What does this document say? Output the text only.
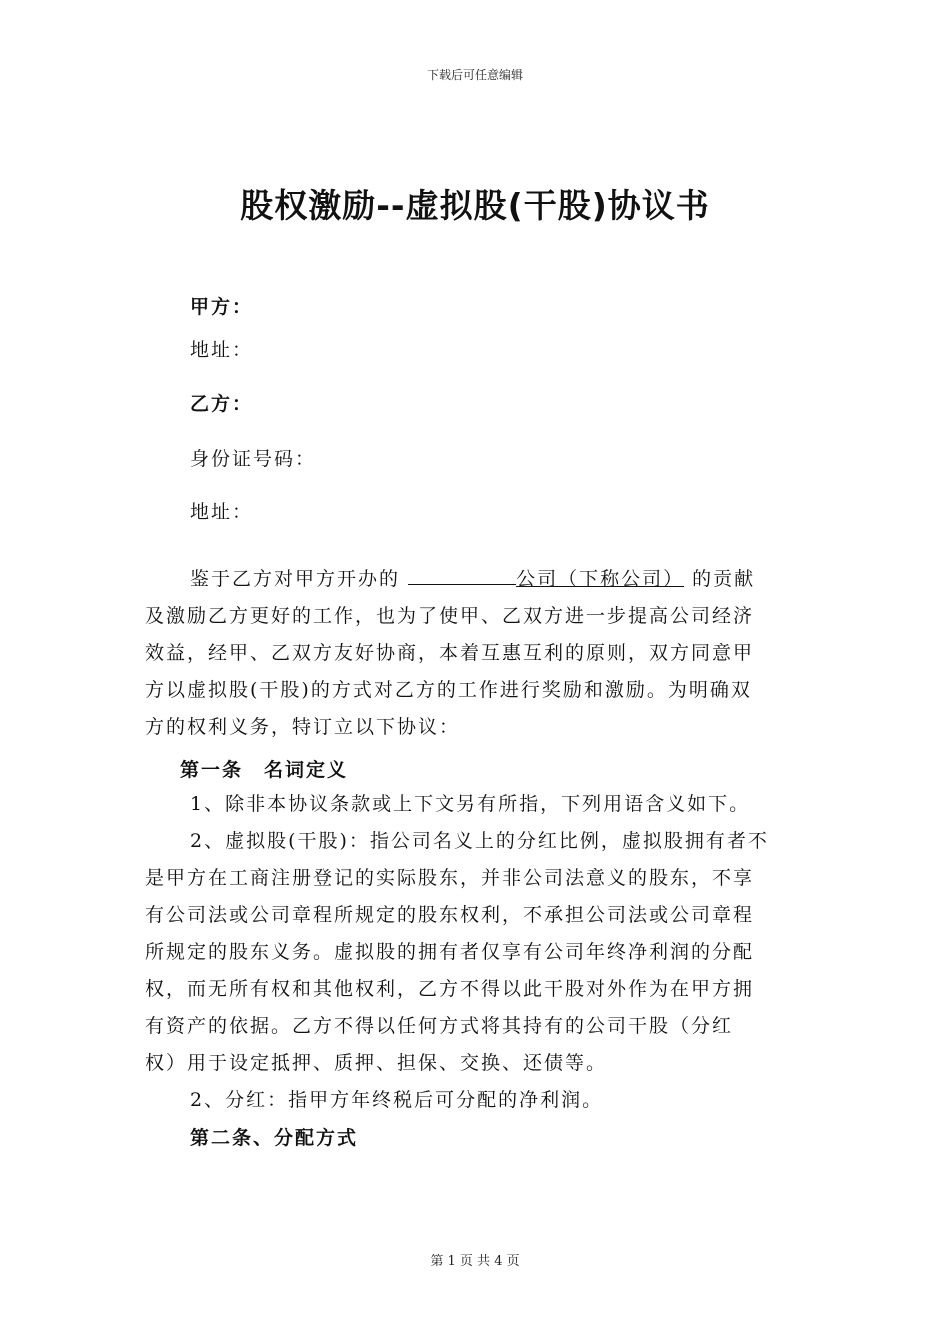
下载后可任意编辑
股权激励--虚拟股(干股)协议书
甲方：
地址：
乙方：
身份证号码：
地址：
鉴于乙方对甲方开办的	公司（下称公司） 的贡献
及激励乙方更好的工作，也为了使甲、乙双方进一步提高公司经济
效益，经甲、乙双方友好协商，本着互惠互利的原则，双方同意甲
方以虚拟股(干股)的方式对乙方的工作进行奖励和激励。为明确双
方的权利义务，特订立以下协议：
第一条　名词定义
1、除非本协议条款或上下文另有所指，下列用语含义如下。
2、虚拟股(干股)：指公司名义上的分红比例，虚拟股拥有者不
是甲方在工商注册登记的实际股东，并非公司法意义的股东，不享
有公司法或公司章程所规定的股东权利，不承担公司法或公司章程
所规定的股东义务。虚拟股的拥有者仅享有公司年终净利润的分配
权，而无所有权和其他权利，乙方不得以此干股对外作为在甲方拥
有资产的依据。乙方不得以任何方式将其持有的公司干股（分红
权）用于设定抵押、质押、担保、交换、还债等。
2、分红：指甲方年终税后可分配的净利润。
第二条、分配方式
第 1 页 共 4 页
